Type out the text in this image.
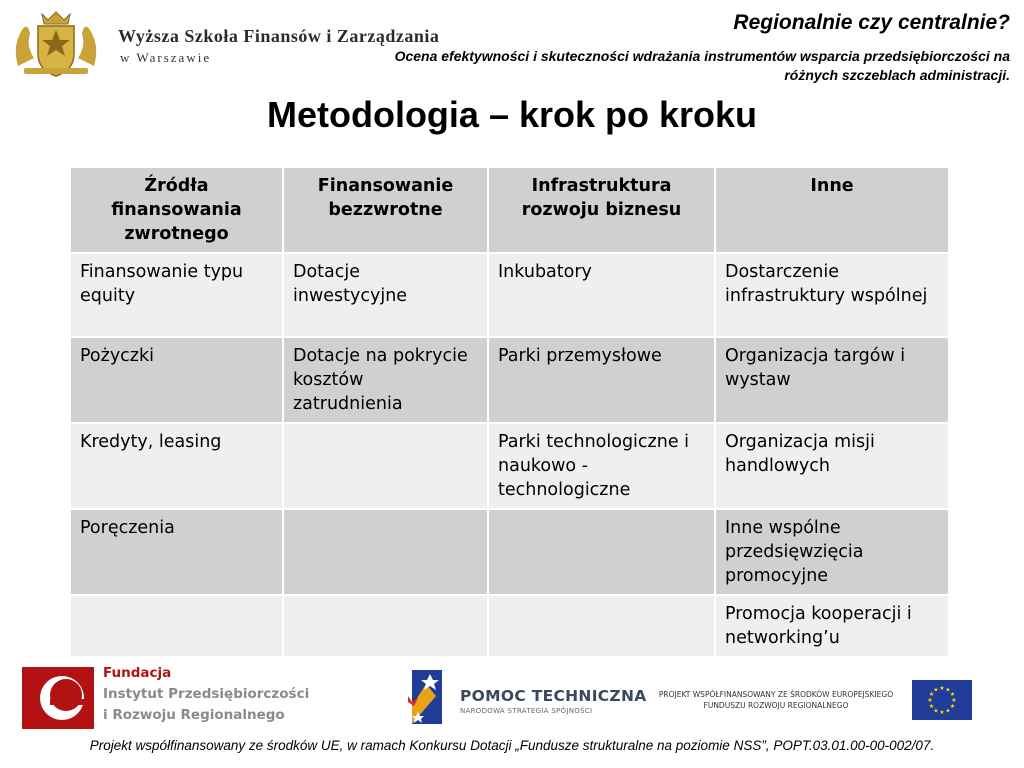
Wyższa Szkoła Finansów i Zarządzania
w Warszawie
Regionalnie czy centralnie?
Ocena efektywności i skuteczności wdrażania instrumentów wsparcia przedsiębiorczości na różnych szczeblach administracji.
Metodologia – krok po kroku
Źródła finansowania zwrotnego	Finansowanie bezzwrotne	Infrastruktura rozwoju biznesu	Inne
Finansowanie typu equity	Dotacje inwestycyjne	Inkubatory	Dostarczenie infrastruktury wspólnej
Pożyczki	Dotacje na pokrycie kosztów zatrudnienia	Parki przemysłowe	Organizacja targów i wystaw
Kredyty, leasing		Parki technologiczne i naukowo - technologiczne	Organizacja misji handlowych
Poręczenia			Inne wspólne przedsięwzięcia promocyjne
			Promocja kooperacji i networking’u
Fundacja
Instytut Przedsiębiorczości
i Rozwoju Regionalnego
POMOC TECHNICZNA
NARODOWA STRATEGIA SPÓJNOŚCI
PROJEKT WSPÓŁFINANSOWANY ZE ŚRODKÓW EUROPEJSKIEGO FUNDUSZU ROZWOJU REGIONALNEGO
★ ★
★
★
★
★
★
★
★
★
★
★
Projekt współfinansowany ze środków UE, w ramach Konkursu Dotacji „Fundusze strukturalne na poziomie NSS”, POPT.03.01.00-00-002/07.
